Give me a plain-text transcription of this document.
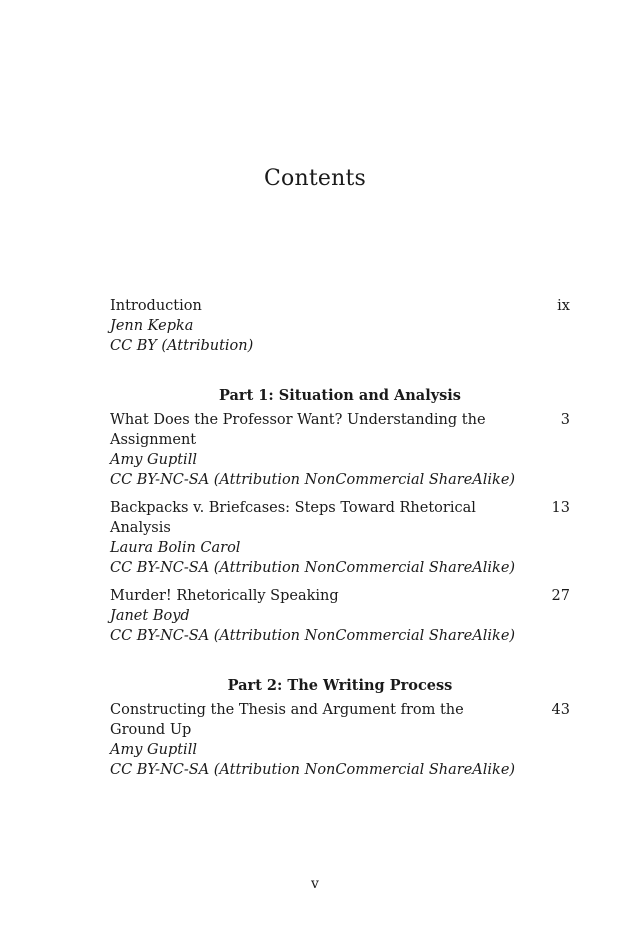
Contents
Introduction	ix
Jenn Kepka
CC BY (Attribution)
Part 1: Situation and Analysis
What Does the Professor Want? Understanding the Assignment
3
Amy Guptill
CC BY-NC-SA (Attribution NonCommercial ShareAlike)
Backpacks v. Briefcases: Steps Toward Rhetorical Analysis
13
Laura Bolin Carol
CC BY-NC-SA (Attribution NonCommercial ShareAlike)
Murder! Rhetorically Speaking	27
Janet Boyd
CC BY-NC-SA (Attribution NonCommercial ShareAlike)
Part 2: The Writing Process
Constructing the Thesis and Argument from the Ground Up
43
Amy Guptill
CC BY-NC-SA (Attribution NonCommercial ShareAlike)
v
